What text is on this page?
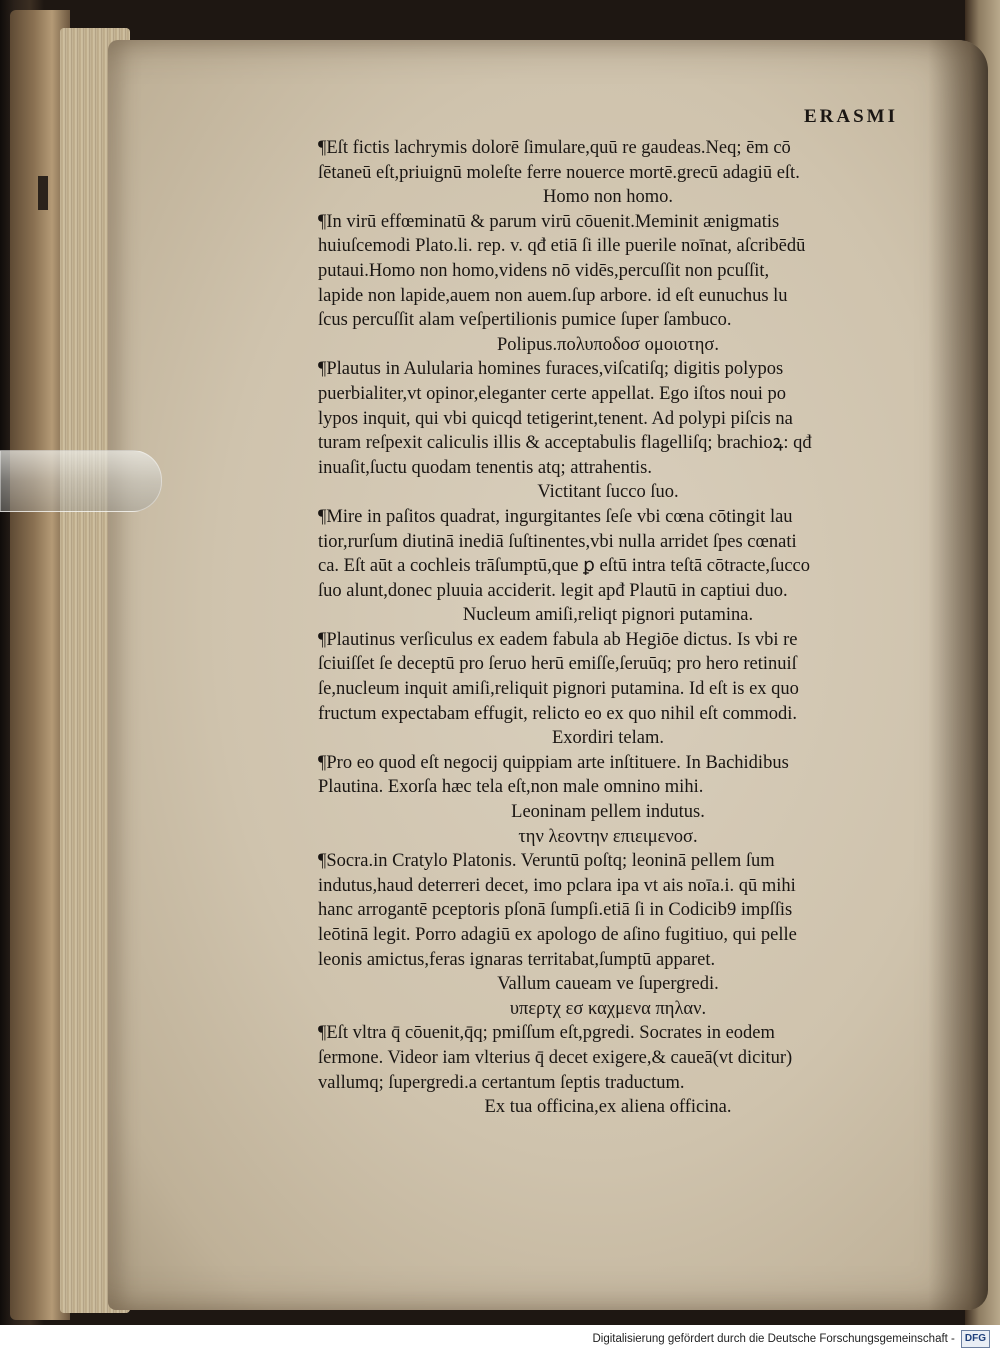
ERASMI
¶Eſt fictis lachrymis dolorē ſimulare,quū re gaudeas.Neq; ēm cō
ſētaneū eſt,priuignū moleſte ferre nouerce mortē.grecū adagiū eſt.
Homo non homo.
¶In virū effœminatū & parum virū cōuenit.Meminit ænigmatis
huiuſcemodi Plato.li. rep. v. qđ etiā ſi ille puerile noīnat, aſcribēdū
putaui.Homo non homo,videns nō vidēs,percuſſit non pcuſſit,
lapide non lapide,auem non auem.ſup arbore. id eſt eunuchus lu
ſcus percuſſit alam veſpertilionis pumice ſuper ſambuco.
Polipus.πολυποδοσ ομοιοτησ.
¶Plautus in Aulularia homines furaces,viſcatiſq; digitis polypos
puerbialiter,vt opinor,eleganter certe appellat. Ego iſtos noui po
lypos inquit, qui vbi quicqd tetigerint,tenent. Ad polypi piſcis na
turam reſpexit caliculis illis & acceptabulis flagelliſq; brachioꝝ: qđ
inuaſit,ſuctu quodam tenentis atq; attrahentis.
Victitant ſucco ſuo.
¶Mire in paſitos quadrat, ingurgitantes ſeſe vbi cœna cōtingit lau
tior,rurſum diutinā inediā ſuſtinentes,vbi nulla arridet ſpes cœnati
ca. Eſt aūt a cochleis trāſumptū,que ꝑ eſtū intra teſtā cōtracte,ſucco
ſuo alunt,donec pluuia acciderit. legit apđ Plautū in captiui duo.
Nucleum amiſi,reliqt pignori putamina.
¶Plautinus verſiculus ex eadem fabula ab Hegiōe dictus. Is vbi re
ſciuiſſet ſe deceptū pro ſeruo herū emiſſe,ſeruūq; pro hero retinuiſ
ſe,nucleum inquit amiſi,reliquit pignori putamina. Id eſt is ex quo
fructum expectabam effugit, relicto eo ex quo nihil eſt commodi.
Exordiri telam.
¶Pro eo quod eſt negocij quippiam arte inſtituere. In Bachidibus
Plautina. Exorſa hæc tela eſt,non male omnino mihi.
Leoninam pellem indutus.
την λεοντην επιειμενοσ.
¶Socra.in Cratylo Platonis. Veruntū poſtq; leoninā pellem ſum
indutus,haud deterreri decet, imo pclara ipa vt ais noīa.i. qū mihi
hanc arrogantē pceptoris pſonā ſumpſi.etiā ſi in Codicib9 impſſis
leōtinā legit. Porro adagiū ex apologo de aſino fugitiuo, qui pelle
leonis amictus,feras ignaras territabat,ſumptū apparet.
Vallum caueam ve ſupergredi.
υπερτχ εσ καχμενα πηλαν.
¶Eſt vltra q̄ cōuenit,q̄q; pmiſſum eſt,pgredi. Socrates in eodem
ſermone. Videor iam vlterius q̄ decet exigere,& caueā(vt dicitur)
vallumq; ſupergredi.a certantum ſeptis traductum.
Ex tua officina,ex aliena officina.
Digitalisierung gefördert durch die Deutsche Forschungsgemeinschaft -	DFG
